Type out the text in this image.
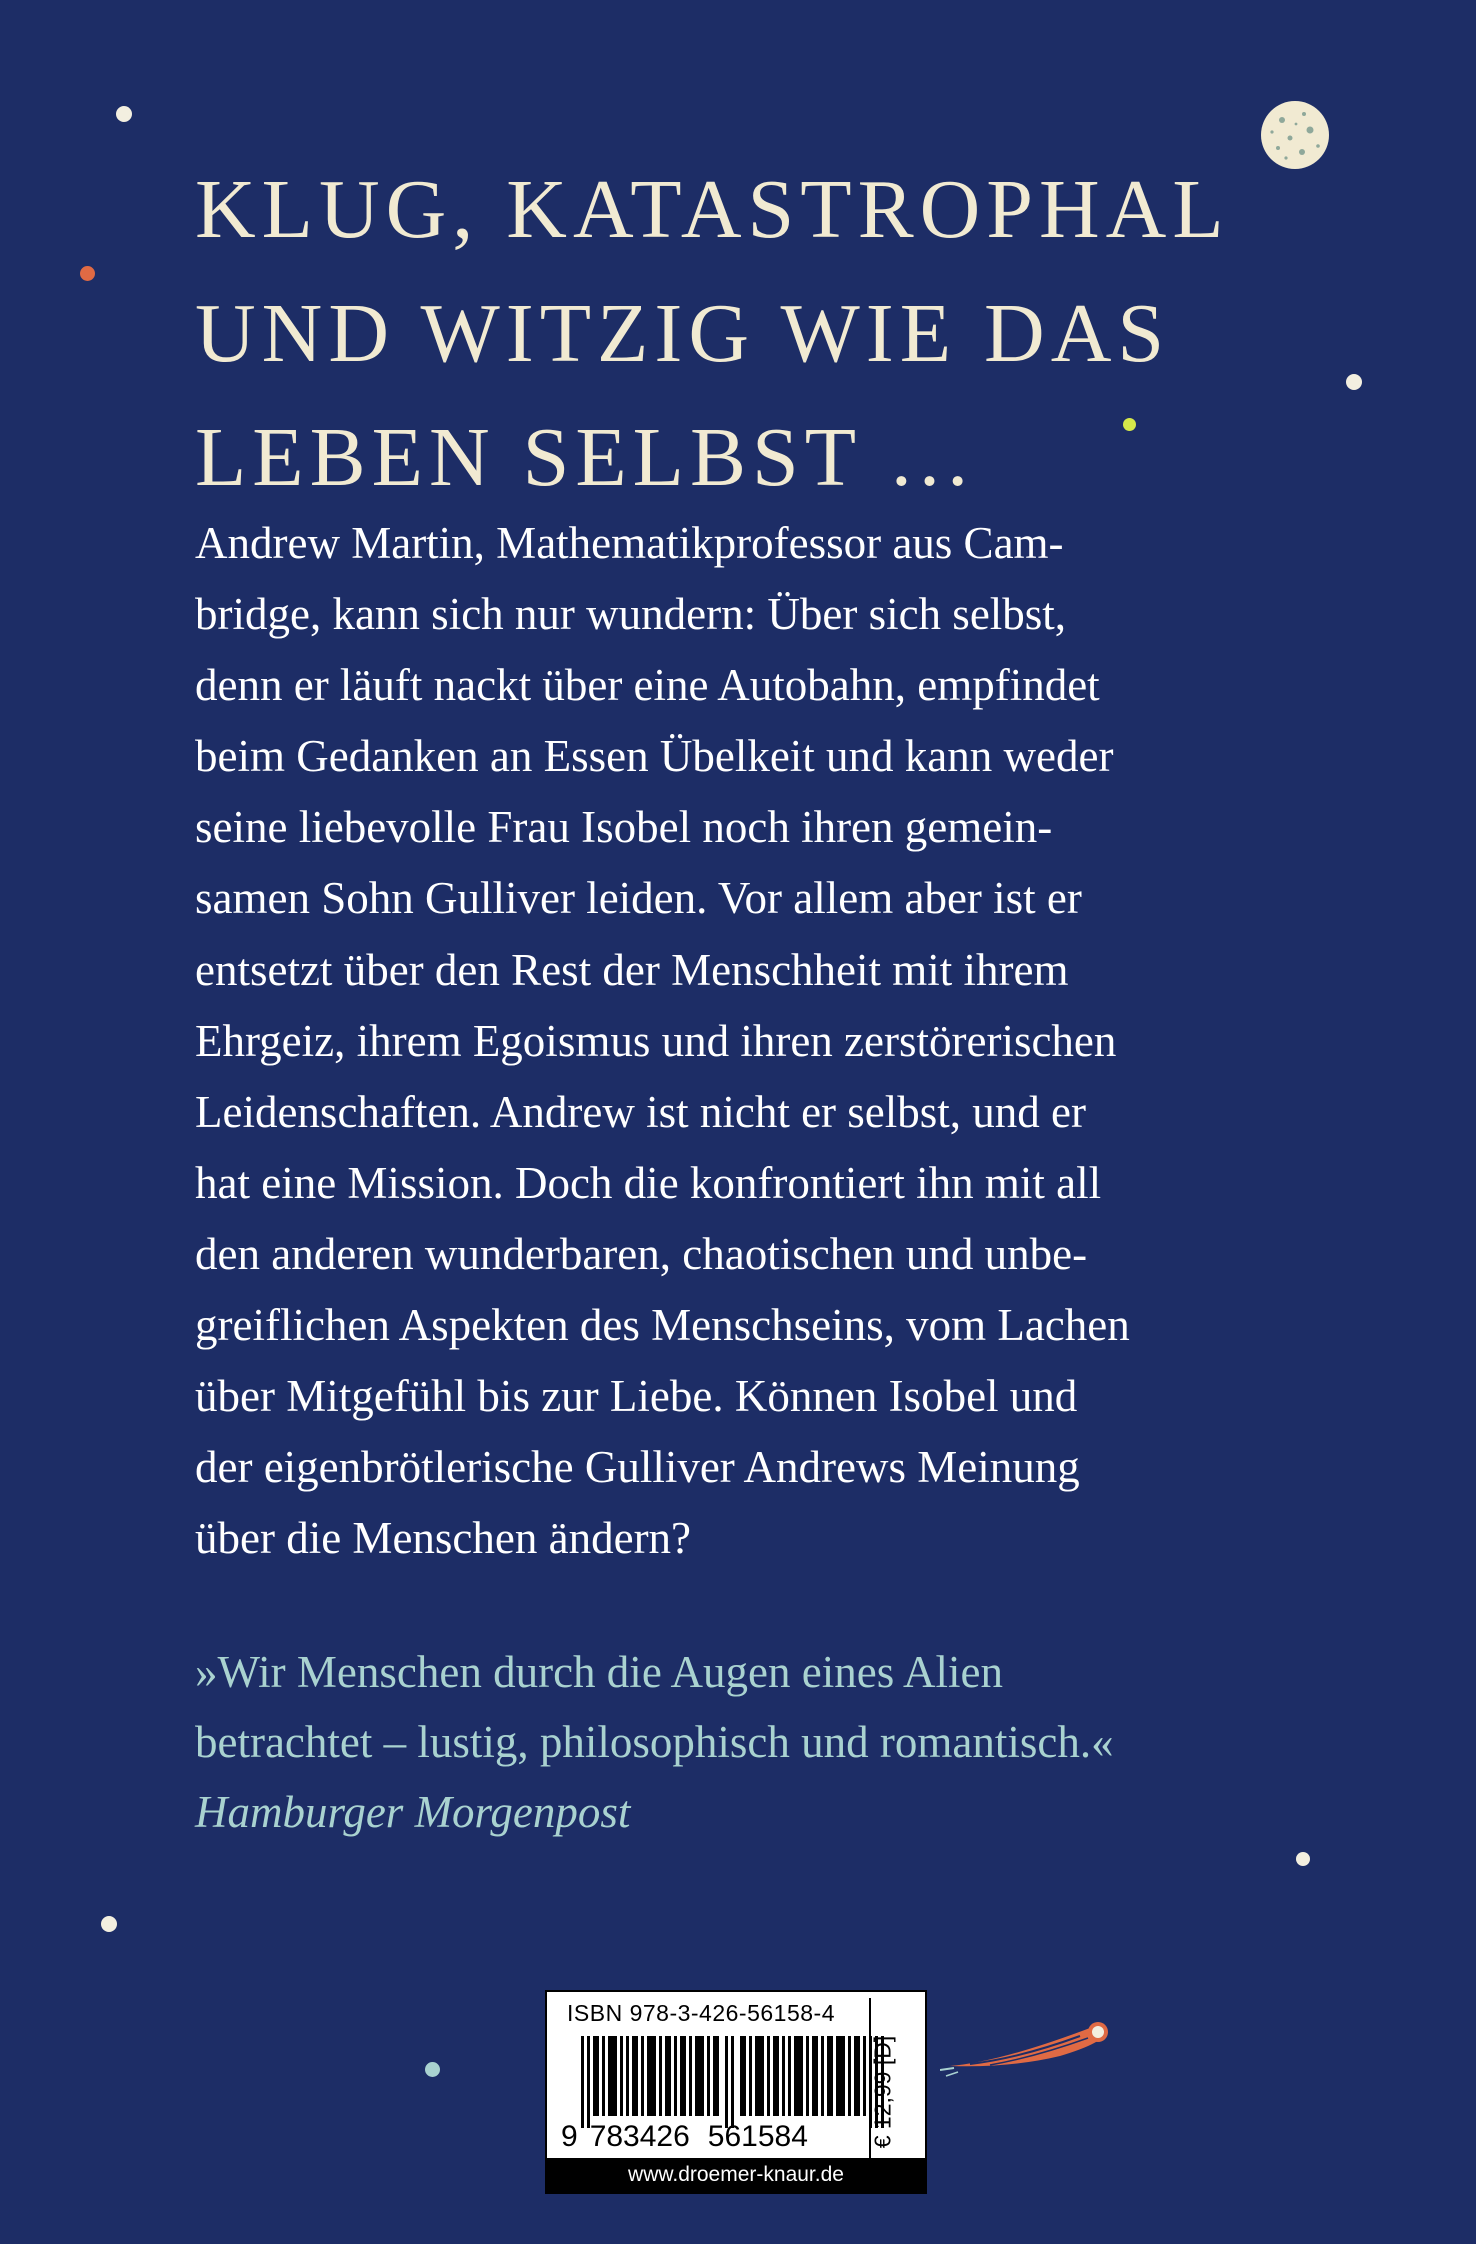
KLUG, KATASTROPHAL
UND WITZIG WIE DAS
LEBEN SELBST …

Andrew Martin, Mathematikprofessor aus Cam-
bridge, kann sich nur wundern: Über sich selbst,
denn er läuft nackt über eine Autobahn, empfindet
beim Gedanken an Essen Übelkeit und kann weder
seine liebevolle Frau Isobel noch ihren gemein-
samen Sohn Gulliver leiden. Vor allem aber ist er
entsetzt über den Rest der Menschheit mit ihrem
Ehrgeiz, ihrem Egoismus und ihren zerstörerischen
Leidenschaften. Andrew ist nicht er selbst, und er
hat eine Mission. Doch die konfrontiert ihn mit all
den anderen wunderbaren, chaotischen und unbe-
greiflichen Aspekten des Menschseins, vom Lachen
über Mitgefühl bis zur Liebe. Können Isobel und
der eigenbrötlerische Gulliver Andrews Meinung
über die Menschen ändern?

»Wir Menschen durch die Augen eines Alien
betrachtet – lustig, philosophisch und romantisch.«
Hamburger Morgenpost

ISBN 978-3-426-56158-4
9 783426 561584	€ 12,99 [D]
www.droemer-knaur.de
